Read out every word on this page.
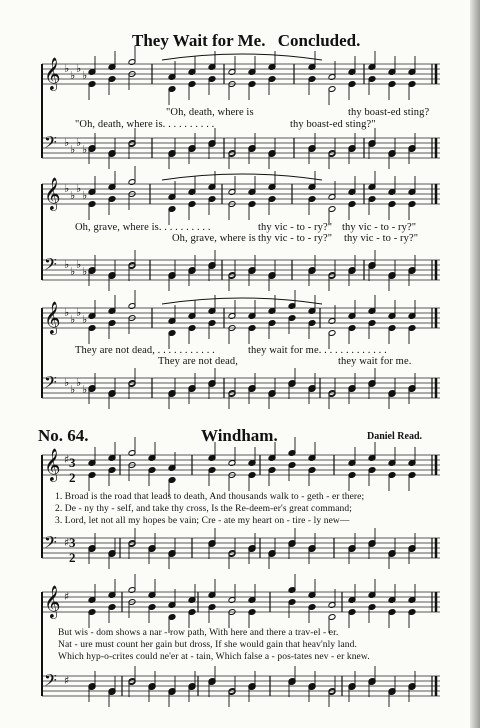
They Wait for Me. Concluded.
No. 64.	Windham.	Daniel Read.
𝄞 ♭
♭
♭
♭
𝄢 ♭
♭
♭
♭
𝄞 ♭
♭
♭
♭
𝄢 ♭
♭
♭
♭
𝄞 ♭
♭
♭
♭
𝄢 ♭
♭
♭
♭
𝄞 ♯
𝄢 ♯
𝄞 ♯
𝄢 ♯
3
2
3
2
"Oh, death, where is	thy boast-ed sting?
"Oh, death, where is. . . . . . . . . .	thy boast-ed sting?"
Oh, grave, where is. . . . . . . . . .	thy vic - to - ry?" thy vic - to - ry?"
Oh, grave, where is thy vic - to - ry?" thy vic - to - ry?"
They are not dead, . . . . . . . . . . .	they wait for me. . . . . . . . . . . . .
They are not dead,	they wait for me.
1. Broad is the road that leads to death, And thousands walk to - geth - er there;
2. De - ny thy - self, and take thy cross, Is the Re-deem-er's great command;
3. Lord, let not all my hopes be vain; Cre - ate my heart on - tire - ly new—
But wis - dom shows a nar - row path, With here and there a trav-el - er.
Nat - ure must count her gain but dross, If she would gain that heav'nly land.
Which hyp-o-crites could ne'er at - tain, Which false a - pos-tates nev - er knew.
